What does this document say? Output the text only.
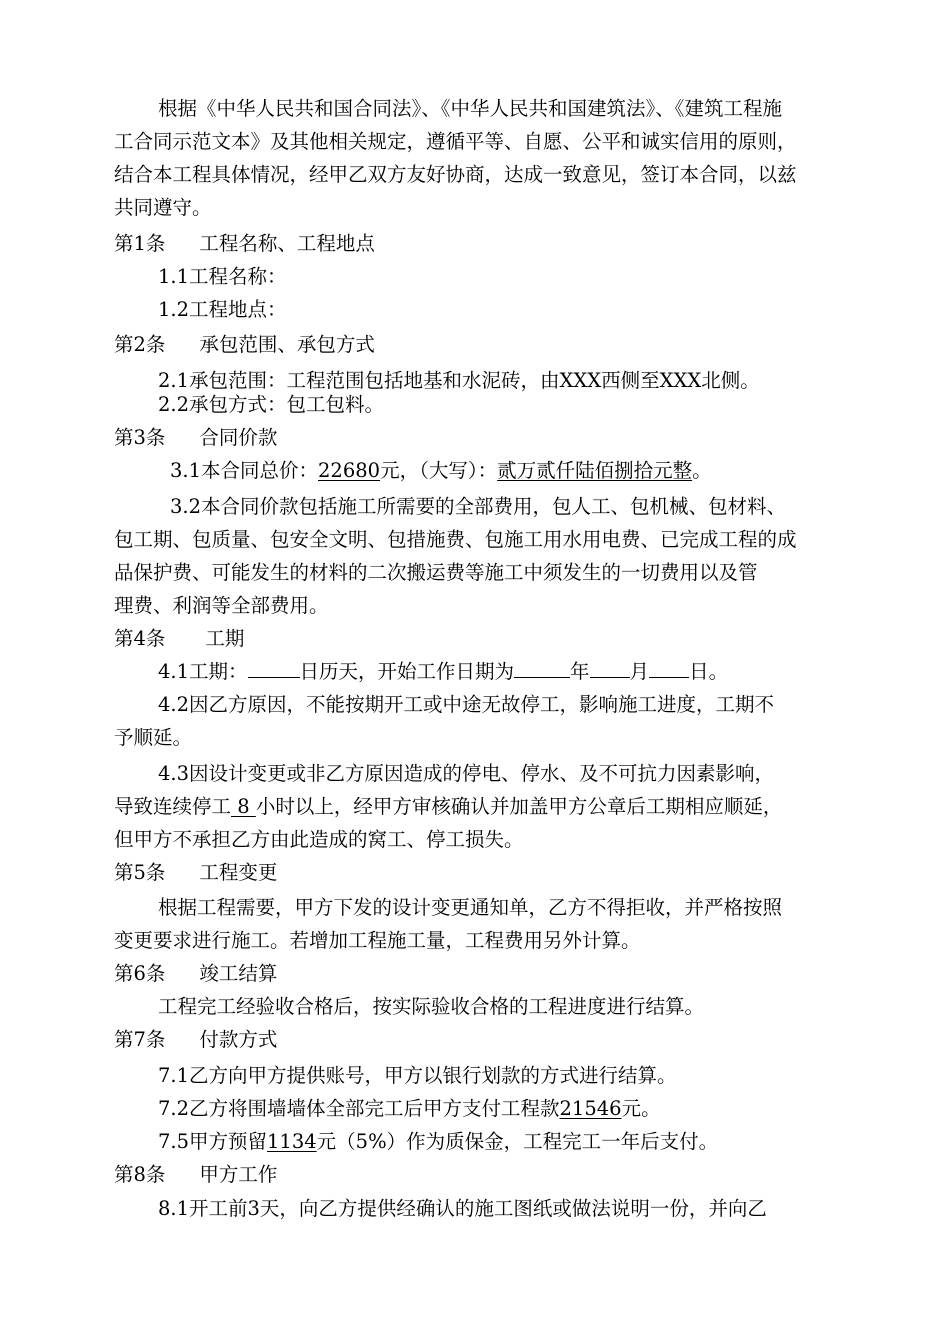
根据《中华人民共和国合同法》、《中华人民共和国建筑法》、《建筑工程施
工合同示范文本》及其他相关规定，遵循平等、自愿、公平和诚实信用的原则，
结合本工程具体情况，经甲乙双方友好协商，达成一致意见，签订本合同，以兹
共同遵守。
第1条 工程名称、工程地点
1.1工程名称：
1.2工程地点：
第2条 承包范围、承包方式
2.1承包范围：工程范围包括地基和水泥砖，由XXX西侧至XXX北侧。
2.2承包方式：包工包料。
第3条 合同价款
3.1本合同总价：22680元，（大写）：贰万贰仟陆佰捌拾元整。
3.2本合同价款包括施工所需要的全部费用，包人工、包机械、包材料、
包工期、包质量、包安全文明、包措施费、包施工用水用电费、已完成工程的成
品保护费、可能发生的材料的二次搬运费等施工中须发生的一切费用以及管
理费、利润等全部费用。
第4条 工期
4.1工期：	日历天，开始工作日期为	年 月 日。
4.2因乙方原因，不能按期开工或中途无故停工，影响施工进度，工期不
予顺延。
4.3因设计变更或非乙方原因造成的停电、停水、及不可抗力因素影响，
导致连续停工 8 小时以上，经甲方审核确认并加盖甲方公章后工期相应顺延，
但甲方不承担乙方由此造成的窝工、停工损失。
第5条 工程变更
根据工程需要，甲方下发的设计变更通知单，乙方不得拒收，并严格按照
变更要求进行施工。若增加工程施工量，工程费用另外计算。
第6条 竣工结算
工程完工经验收合格后，按实际验收合格的工程进度进行结算。
第7条 付款方式
7.1乙方向甲方提供账号，甲方以银行划款的方式进行结算。
7.2乙方将围墙墙体全部完工后甲方支付工程款21546元。
7.5甲方预留1134元（5%）作为质保金，工程完工一年后支付。
第8条 甲方工作
8.1开工前3天，向乙方提供经确认的施工图纸或做法说明一份，并向乙
